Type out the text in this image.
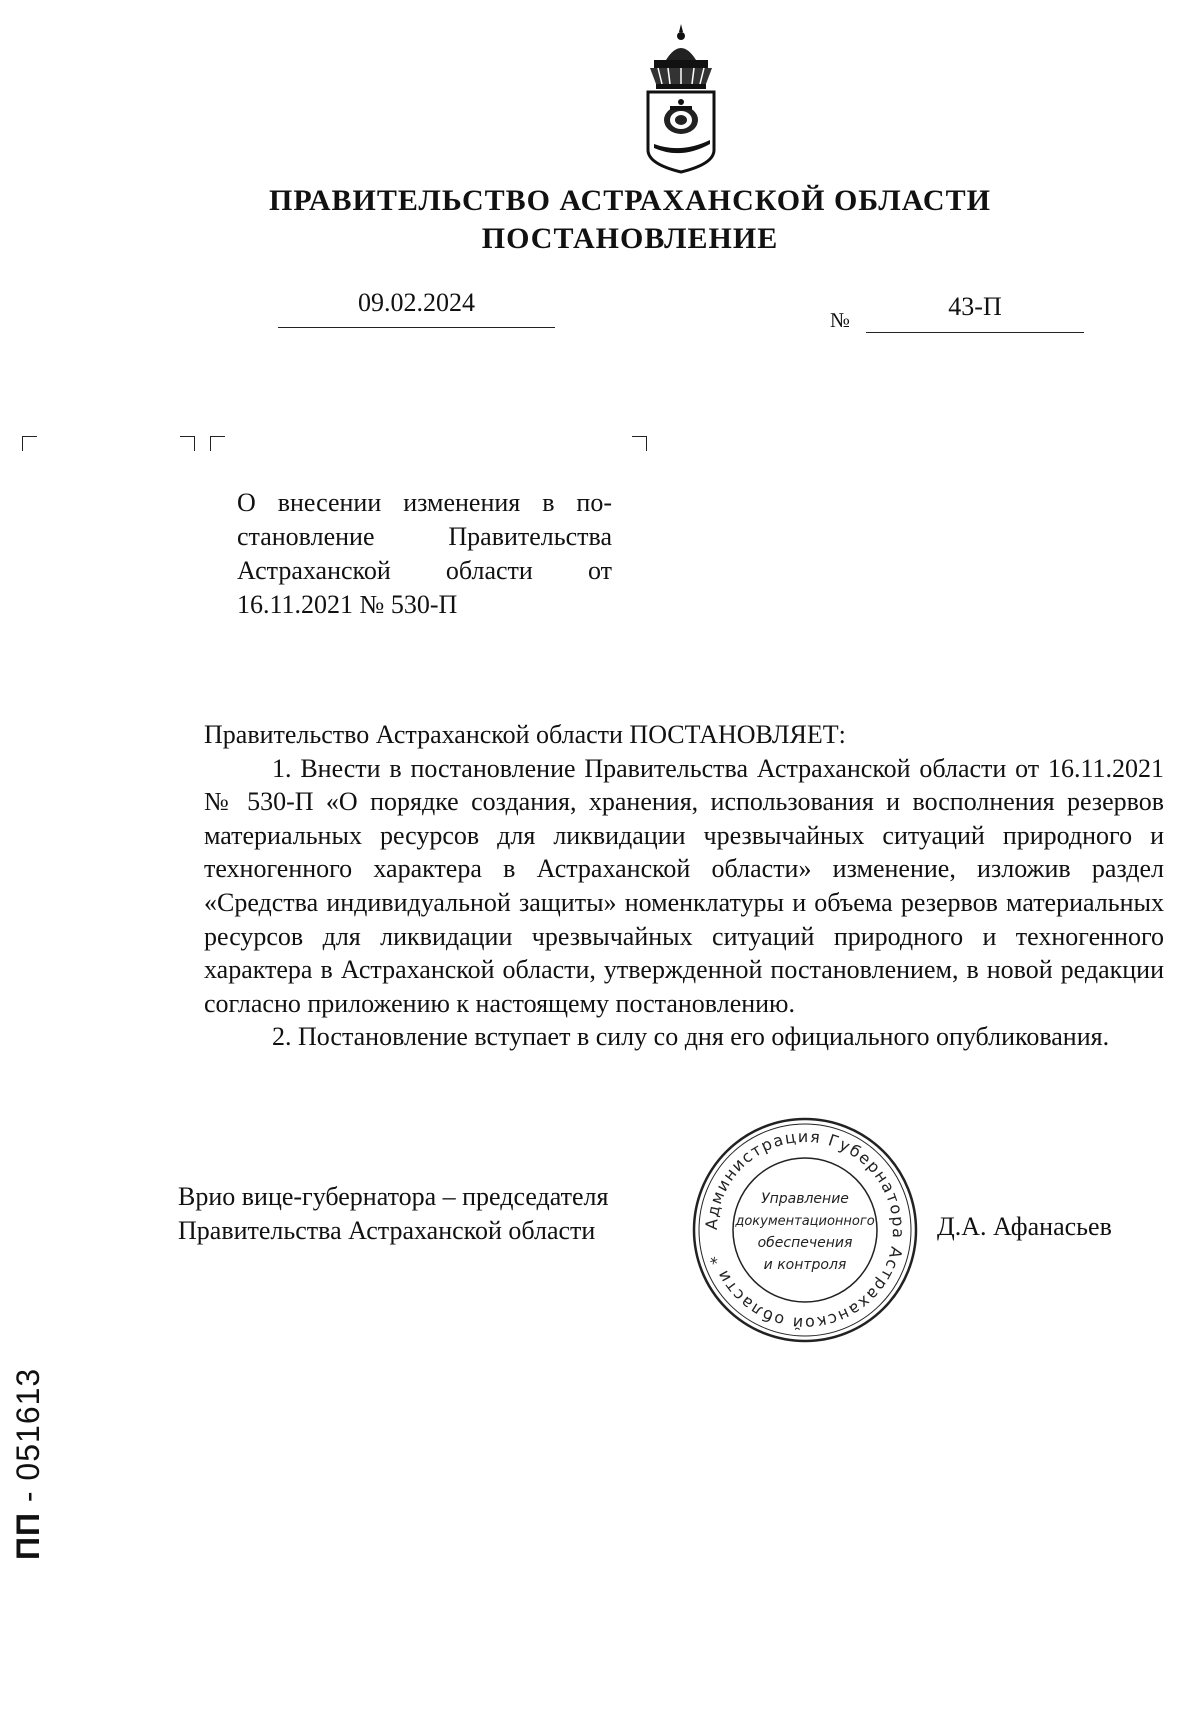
ПРАВИТЕЛЬСТВО АСТРАХАНСКОЙ ОБЛАСТИ
ПОСТАНОВЛЕНИЕ
09.02.2024
№	43-П
О внесении изменения в по-
становление Правительства
Астраханской области от
16.11.2021 № 530-П

Правительство Астраханской области ПОСТАНОВЛЯЕТ:

1. Внести в постановление Правительства Астраханской области от 16.11.2021 № 530-П «О порядке создания, хранения, использования и восполнения резервов материальных ресурсов для ликвидации чрезвычайных ситуаций природного и техногенного характера в Астраханской области» изменение, изложив раздел «Средства индивидуальной защиты» номенклатуры и объема резервов материальных ресурсов для ликвидации чрезвычайных ситуаций природного и техногенного характера в Астраханской области, утвержденной постановлением, в новой редакции согласно приложению к настоящему постановлению.

2. Постановление вступает в силу со дня его официального опубликования.

Врио вице-губернатора – председателя
Правительства Астраханской области	Д.А. Афанасьев
Администрация Губернатора Астраханской области *
Управление
документационного
обеспечения
и контроля
ПП - 051613
